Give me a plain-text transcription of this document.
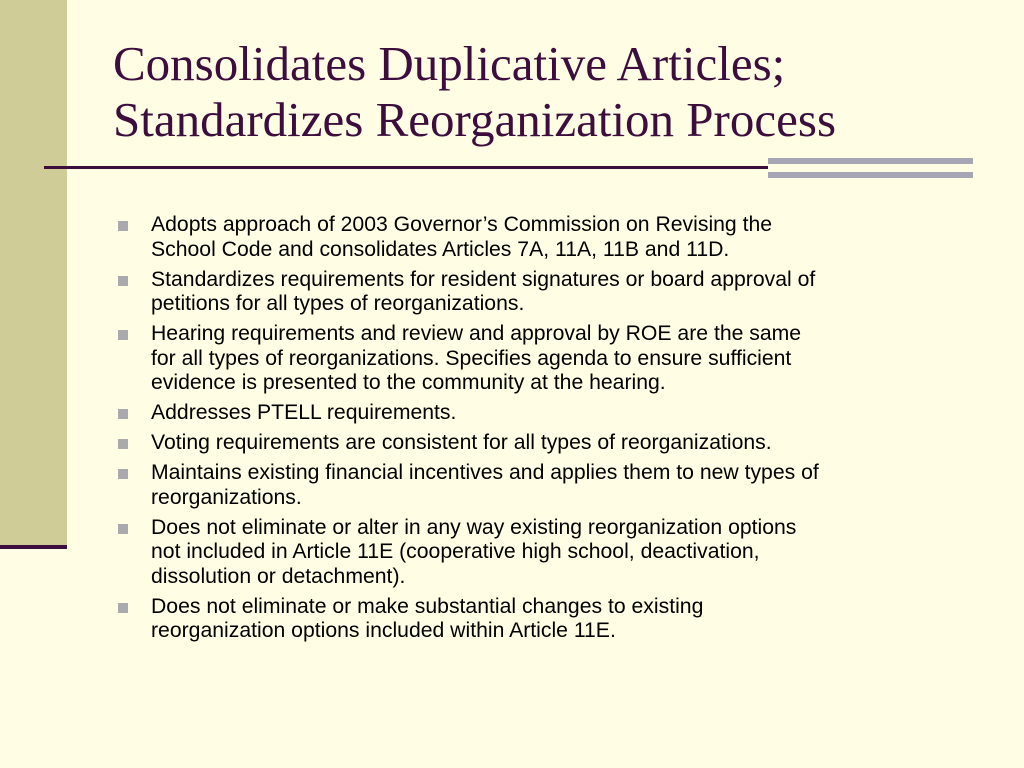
Consolidates Duplicative Articles;
Standardizes Reorganization Process
Adopts approach of 2003 Governor’s Commission on Revising the
School Code and consolidates Articles 7A, 11A, 11B and 11D.
Standardizes requirements for resident signatures or board approval of
petitions for all types of reorganizations.
Hearing requirements and review and approval by ROE are the same
for all types of reorganizations. Specifies agenda to ensure sufficient
evidence is presented to the community at the hearing.
Addresses PTELL requirements.
Voting requirements are consistent for all types of reorganizations.
Maintains existing financial incentives and applies them to new types of
reorganizations.
Does not eliminate or alter in any way existing reorganization options
not included in Article 11E (cooperative high school, deactivation,
dissolution or detachment).
Does not eliminate or make substantial changes to existing
reorganization options included within Article 11E.
